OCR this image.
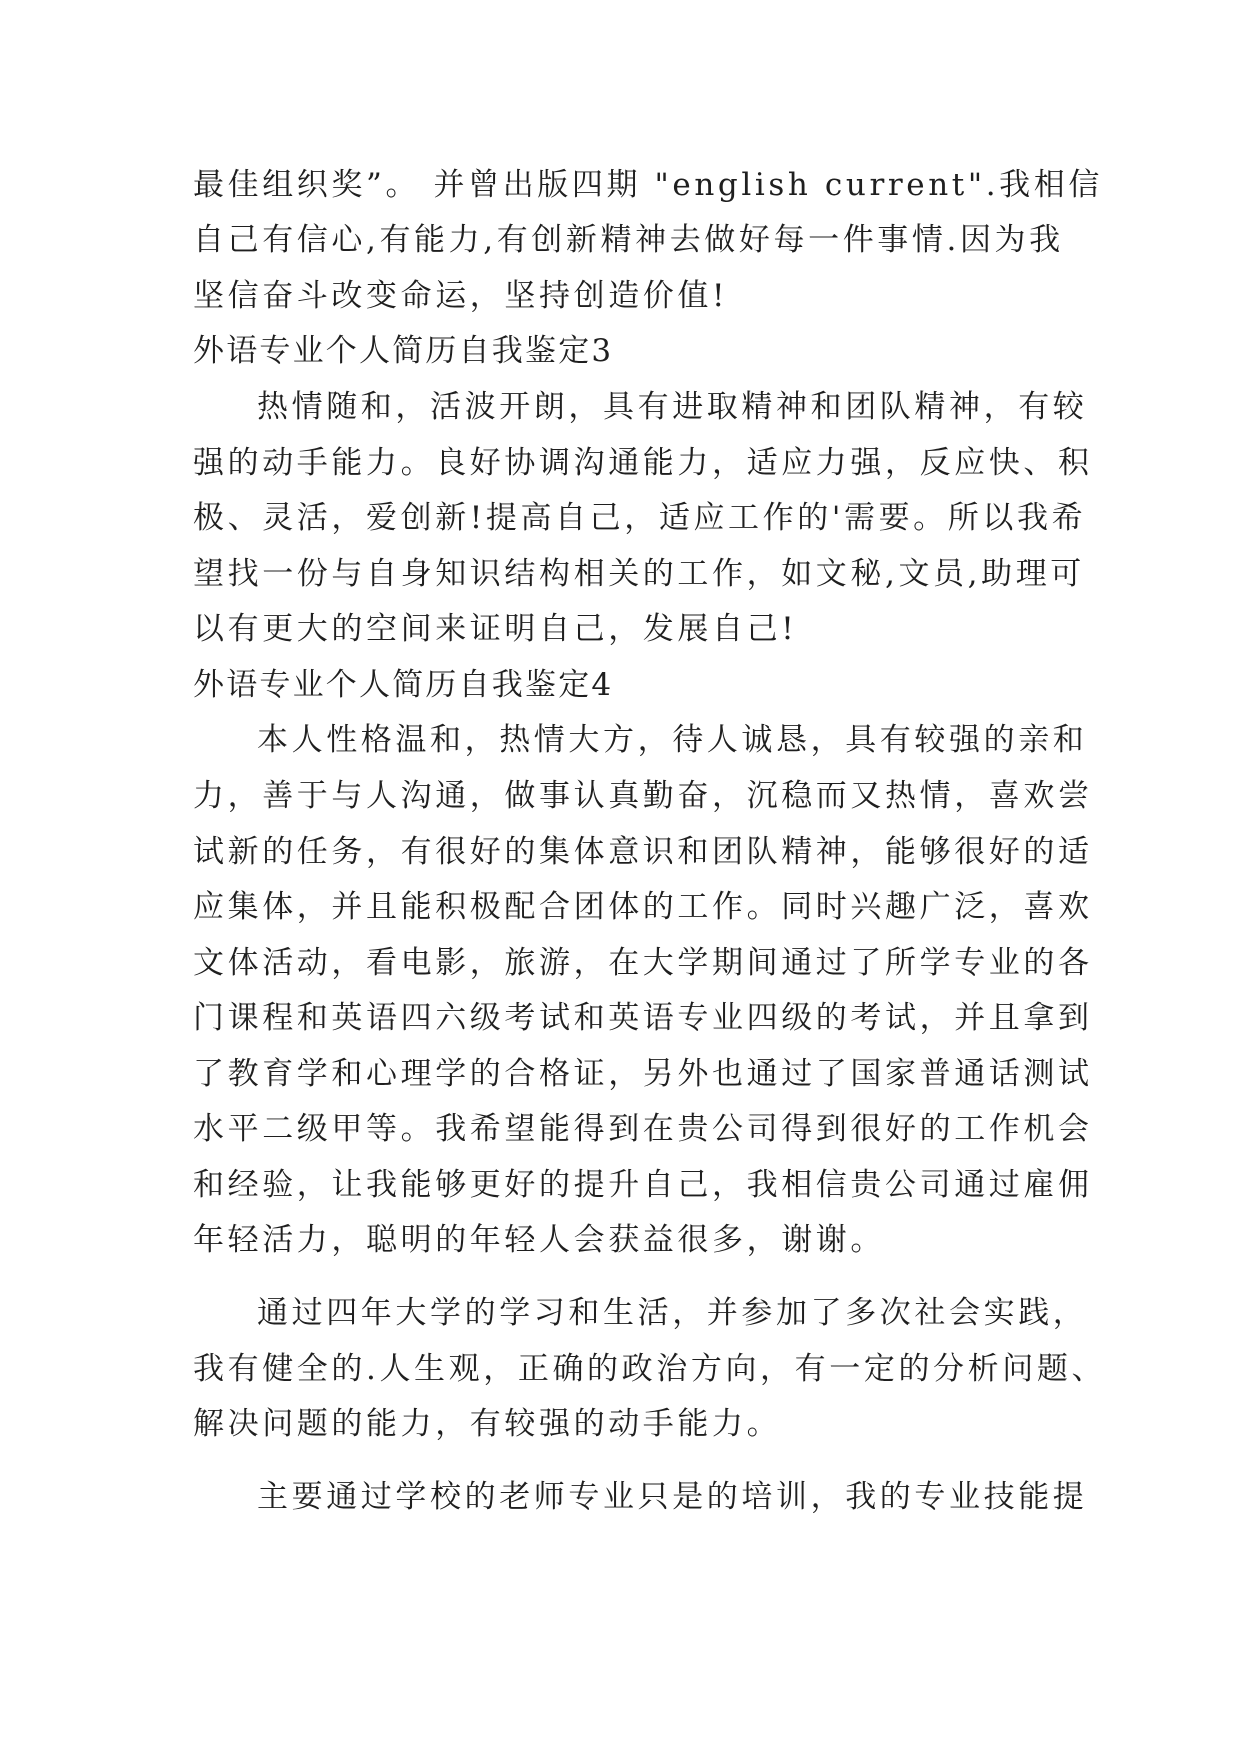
最佳组织奖”。 并曾出版四期 "english current".我相信
自己有信心,有能力,有创新精神去做好每一件事情.因为我
坚信奋斗改变命运，坚持创造价值!
外语专业个人简历自我鉴定3
热情随和，活波开朗，具有进取精神和团队精神，有较
强的动手能力。良好协调沟通能力，适应力强，反应快、积
极、灵活，爱创新!提高自己，适应工作的'需要。所以我希
望找一份与自身知识结构相关的工作，如文秘,文员,助理可
以有更大的空间来证明自己，发展自己!
外语专业个人简历自我鉴定4
本人性格温和，热情大方，待人诚恳，具有较强的亲和
力，善于与人沟通，做事认真勤奋，沉稳而又热情，喜欢尝
试新的任务，有很好的集体意识和团队精神，能够很好的适
应集体，并且能积极配合团体的工作。同时兴趣广泛，喜欢
文体活动，看电影，旅游，在大学期间通过了所学专业的各
门课程和英语四六级考试和英语专业四级的考试，并且拿到
了教育学和心理学的合格证，另外也通过了国家普通话测试
水平二级甲等。我希望能得到在贵公司得到很好的工作机会
和经验，让我能够更好的提升自己，我相信贵公司通过雇佣
年轻活力，聪明的年轻人会获益很多，谢谢。
通过四年大学的学习和生活，并参加了多次社会实践，
我有健全的.人生观，正确的政治方向，有一定的分析问题、
解决问题的能力，有较强的动手能力。
主要通过学校的老师专业只是的培训，我的专业技能提
